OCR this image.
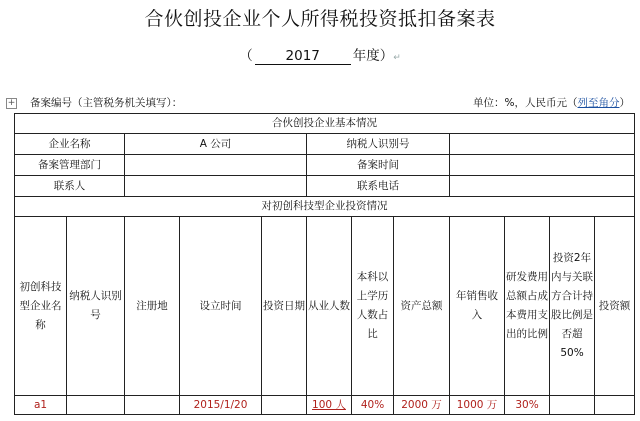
合伙创投企业个人所得税投资抵扣备案表
（ 2017 年度）↵
+ 备案编号（主管税务机关填写）：	单位：%，人民币元（列至角分）
合伙创投企业基本情况											
企业名称		A 公司			纳税人识别号						
备案管理部门					备案时间						
联系人					联系电话						
对初创科技型企业投资情况											
初创科技型企业名称	纳税人识别号	注册地	设立时间	投资日期	从业人数	本科以上学历人数占比	资产总额	年销售收入	研发费用总额占成本费用支出的比例	投资2年内与关联方合计持股比例是否超50%	投资额
a1			2015/1/20		100 人	40%	2000 万	1000 万	30%		
